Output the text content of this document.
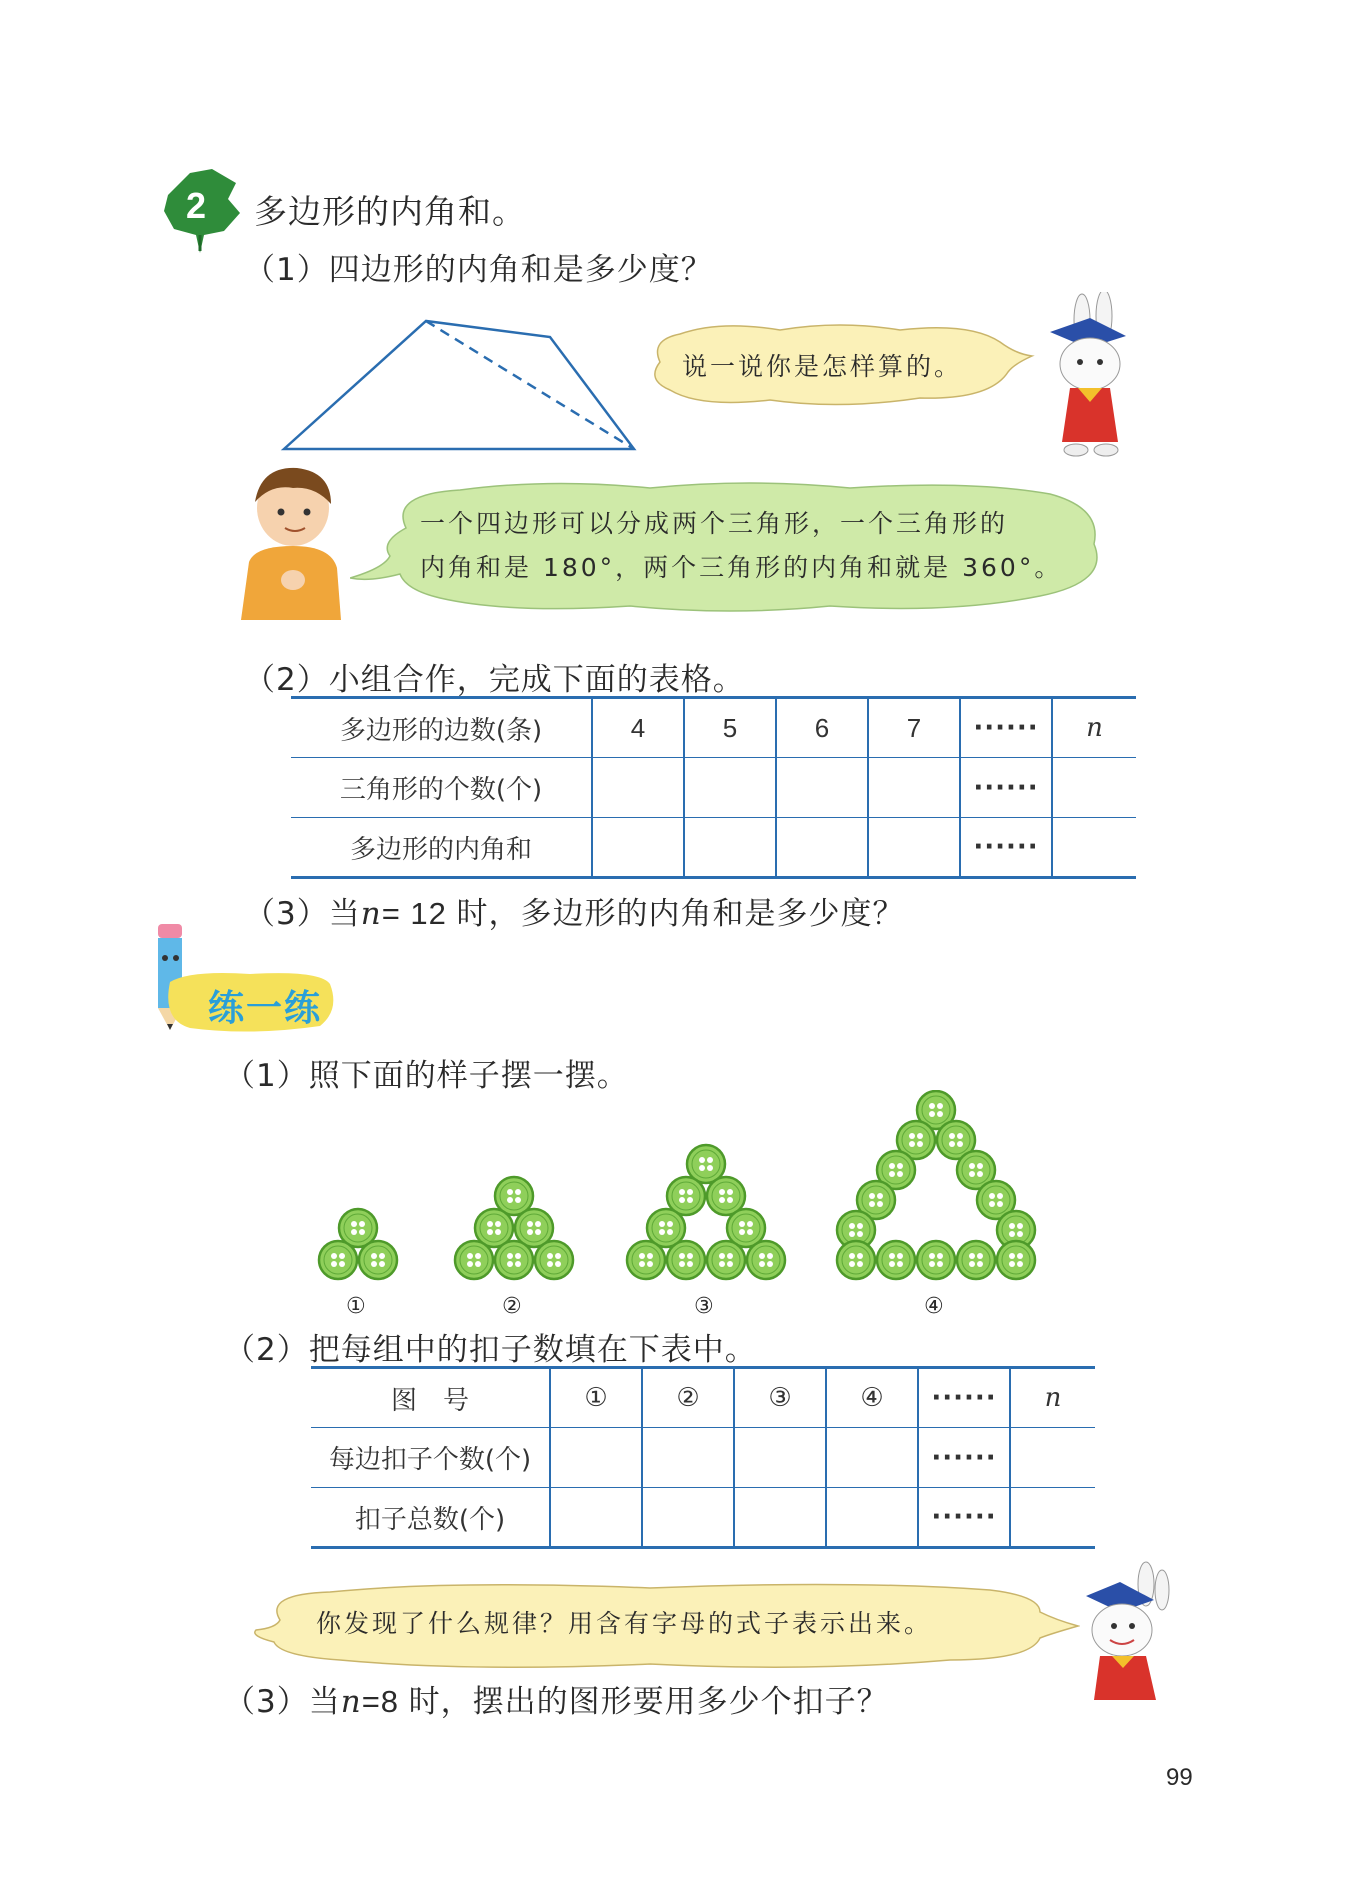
2 多边形的内角和。
（1）四边形的内角和是多少度？
说一说你是怎样算的。
一个四边形可以分成两个三角形，一个三角形的
内角和是 180°，两个三角形的内角和就是 360°。
（2）小组合作，完成下面的表格。
多边形的边数(条)	4	5	6	7	······	n
三角形的个数(个)					······	
多边形的内角和					······	
（3）当n= 12 时，多边形的内角和是多少度？
练一练
（1）照下面的样子摆一摆。
①	②	③	④
（2）把每组中的扣子数填在下表中。
图　号	①	②	③	④	······	n
每边扣子个数(个)					······	
扣子总数(个)					······	
你发现了什么规律？用含有字母的式子表示出来。
（3）当n=8 时，摆出的图形要用多少个扣子？
99
